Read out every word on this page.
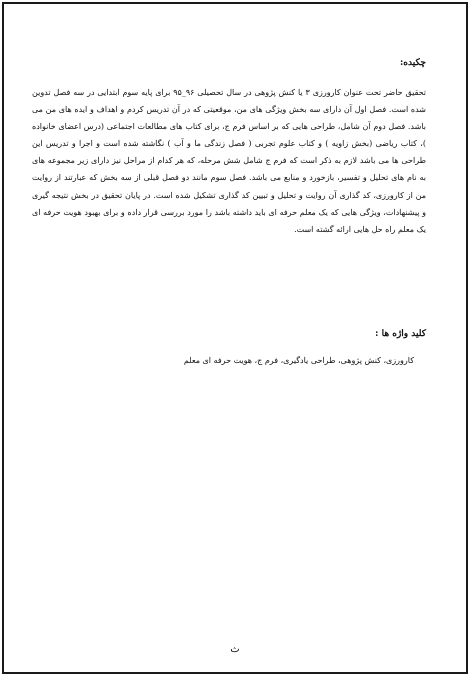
چکیده:

تحقیق حاضر تحت عنوان کارورزی ۳ یا کنش پژوهی در سال تحصیلی ۹۶_۹۵ برای پایه سوم ابتدایی در سه فصل تدوین شده است. فصل اول آن دارای سه بخش ویژگی های من، موقعیتی که در آن تدریس کردم و اهداف و ایده های من می باشد. فصل دوم آن شامل، طراحی هایی که بر اساس فرم ج، برای کتاب های مطالعات اجتماعی (درس اعضای خانواده )، کتاب ریاضی (بخش زاویه ) و کتاب علوم تجربی ( فصل زندگی ما و آب ) نگاشته شده است و اجرا و تدریس این طراحی ها می باشد لازم به ذکر است که فرم ج شامل شش مرحله، که هر کدام از مراحل نیز دارای زیر مجموعه های به نام های تحلیل و تفسیر، بازخورد و منابع می باشد. فصل سوم مانند دو فصل قبلی از سه بخش که عبارتند از روایت من از کارورزی، کد گذاری آن روایت و تحلیل و تبیین کد گذاری تشکیل شده است. در پایان تحقیق در بخش نتیجه گیری و پیشنهادات، ویژگی هایی که یک معلم حرفه ای باید داشته باشد را مورد بررسی قرار داده و برای بهبود هویت حرفه ای یک معلم راه حل هایی ارائه گشته است.

کلید واژه ها :

کارورزی، کنش پژوهی، طراحی یادگیری، فرم ج، هویت حرفه ای معلم

ث
